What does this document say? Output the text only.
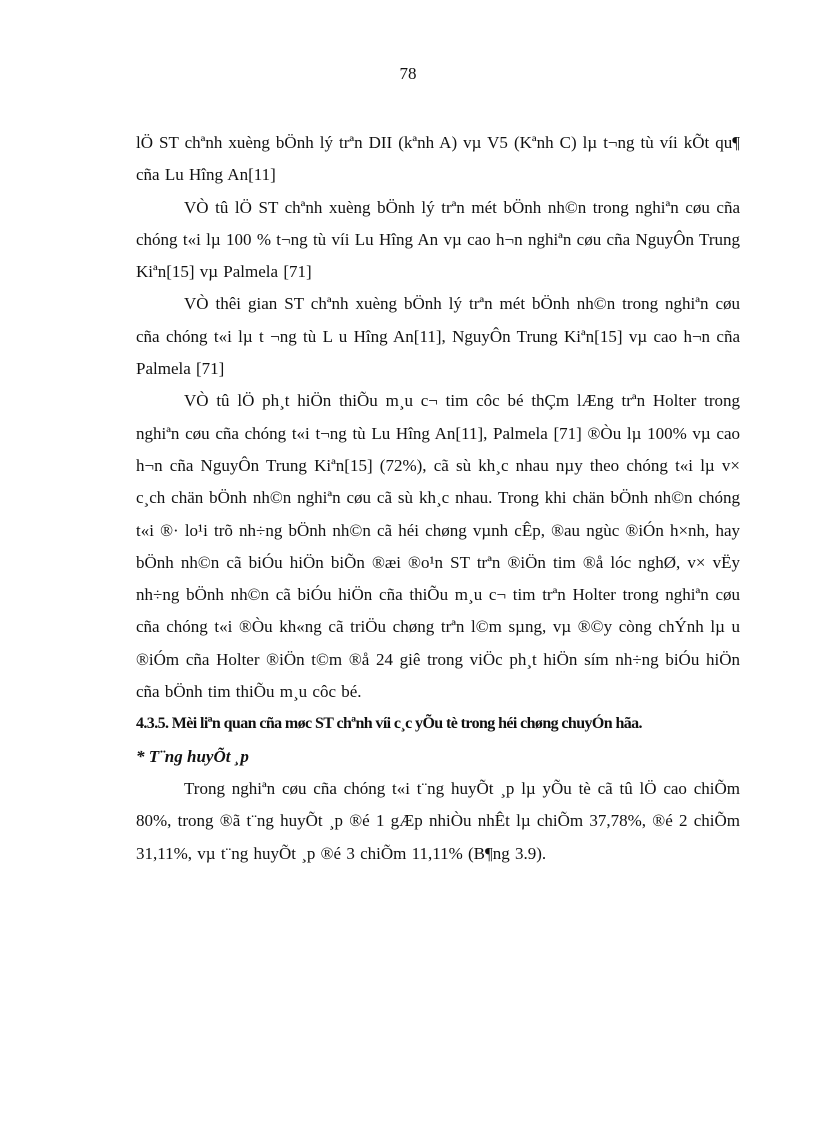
78

lÖ ST chªnh xuèng bÖnh lý trªn DII (kªnh A) vµ V5 (Kªnh C) lµ t¬ng tù víi kÕt qu¶ cña Lu Hîng An[11]

VÒ tû lÖ ST chªnh xuèng bÖnh lý trªn mét bÖnh nh©n trong nghiªn cøu cña chóng t«i lµ 100 % t¬ng tù víi Lu Hîng An vµ cao h¬n nghiªn cøu cña NguyÔn Trung Kiªn[15] vµ Palmela [71]

VÒ thêi gian ST chªnh xuèng bÖnh lý trªn mét bÖnh nh©n trong nghiªn cøu cña chóng t«i lµ t ¬ng tù L u Hîng An[11], NguyÔn Trung Kiªn[15] vµ cao h¬n cña Palmela [71]

VÒ tû lÖ ph¸t hiÖn thiÕu m¸u c¬ tim côc bé thÇm lÆng trªn Holter trong nghiªn cøu cña chóng t«i t¬ng tù Lu Hîng An[11], Palmela [71] ®Òu lµ 100% vµ cao h¬n cña NguyÔn Trung Kiªn[15] (72%), cã sù kh¸c nhau nµy theo chóng t«i lµ v× c¸ch chän bÖnh nh©n nghiªn cøu cã sù kh¸c nhau. Trong khi chän bÖnh nh©n chóng t«i ®· lo¹i trõ nh÷ng bÖnh nh©n cã héi chøng vµnh cÊp, ®au ngùc ®iÓn h×nh, hay bÖnh nh©n cã biÓu hiÖn biÕn ®æi ®o¹n ST trªn ®iÖn tim ®å lóc nghØ, v× vËy nh÷ng bÖnh nh©n cã biÓu hiÖn cña thiÕu m¸u c¬ tim trªn Holter trong nghiªn cøu cña chóng t«i ®Òu kh«ng cã triÖu chøng trªn l©m sµng, vµ ®©y còng chÝnh lµ u ®iÓm cña Holter ®iÖn t©m ®å 24 giê trong viÖc ph¸t hiÖn sím nh÷ng biÓu hiÖn cña bÖnh tim thiÕu m¸u côc bé.

4.3.5. Mèi liªn quan cña møc ST chªnh víi c¸c yÕu tè trong héi chøng chuyÓn hãa.

* T¨ng huyÕt ¸p

Trong nghiªn cøu cña chóng t«i t¨ng huyÕt ¸p lµ yÕu tè cã tû lÖ cao chiÕm 80%, trong ®ã t¨ng huyÕt ¸p ®é 1 gÆp nhiÒu nhÊt lµ chiÕm 37,78%, ®é 2 chiÕm 31,11%, vµ t¨ng huyÕt ¸p ®é 3 chiÕm 11,11% (B¶ng 3.9).
